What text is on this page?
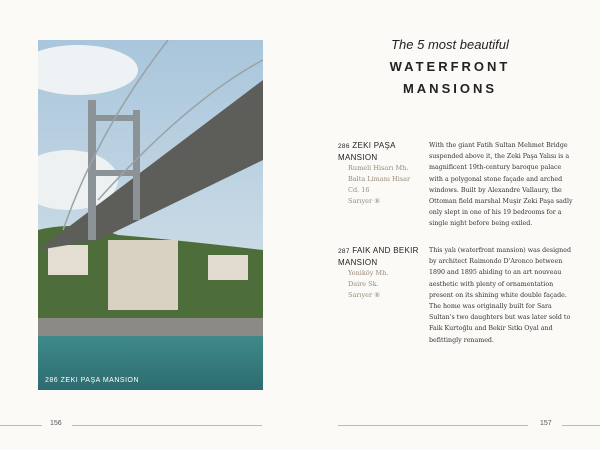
286 ZEKI PAŞA MANSION
156	157
The 5 most beautiful
WATERFRONT
MANSIONS
286 ZEKI PAŞA MANSION
Rumeli Hisarı Mh.
Balta Limanı Hisar
Cd. 16
Sarıyer ⑧
With the giant Fatih Sultan Mehmet Bridge suspended above it, the Zeki Paşa Yalısı is a magnificent 19th-century baroque palace with a polygonal stone façade and arched windows. Built by Alexandre Vallaury, the Ottoman field marshal Muşir Zeki Paşa sadly only slept in one of his 19 bedrooms for a single night before being exiled.
287 FAIK AND BEKIR MANSION
Yeniköy Mh.
Daire Sk.
Sarıyer ⑧
This yalı (waterfront mansion) was designed by architect Raimondo D'Aronco between 1890 and 1895 abiding to an art nouveau aesthetic with plenty of ornamentation present on its shining white double façade. The home was originally built for Sara Sultan's two daughters but was later sold to Faik Kurtoğlu and Bekir Sıtkı Oyal and befittingly renamed.
